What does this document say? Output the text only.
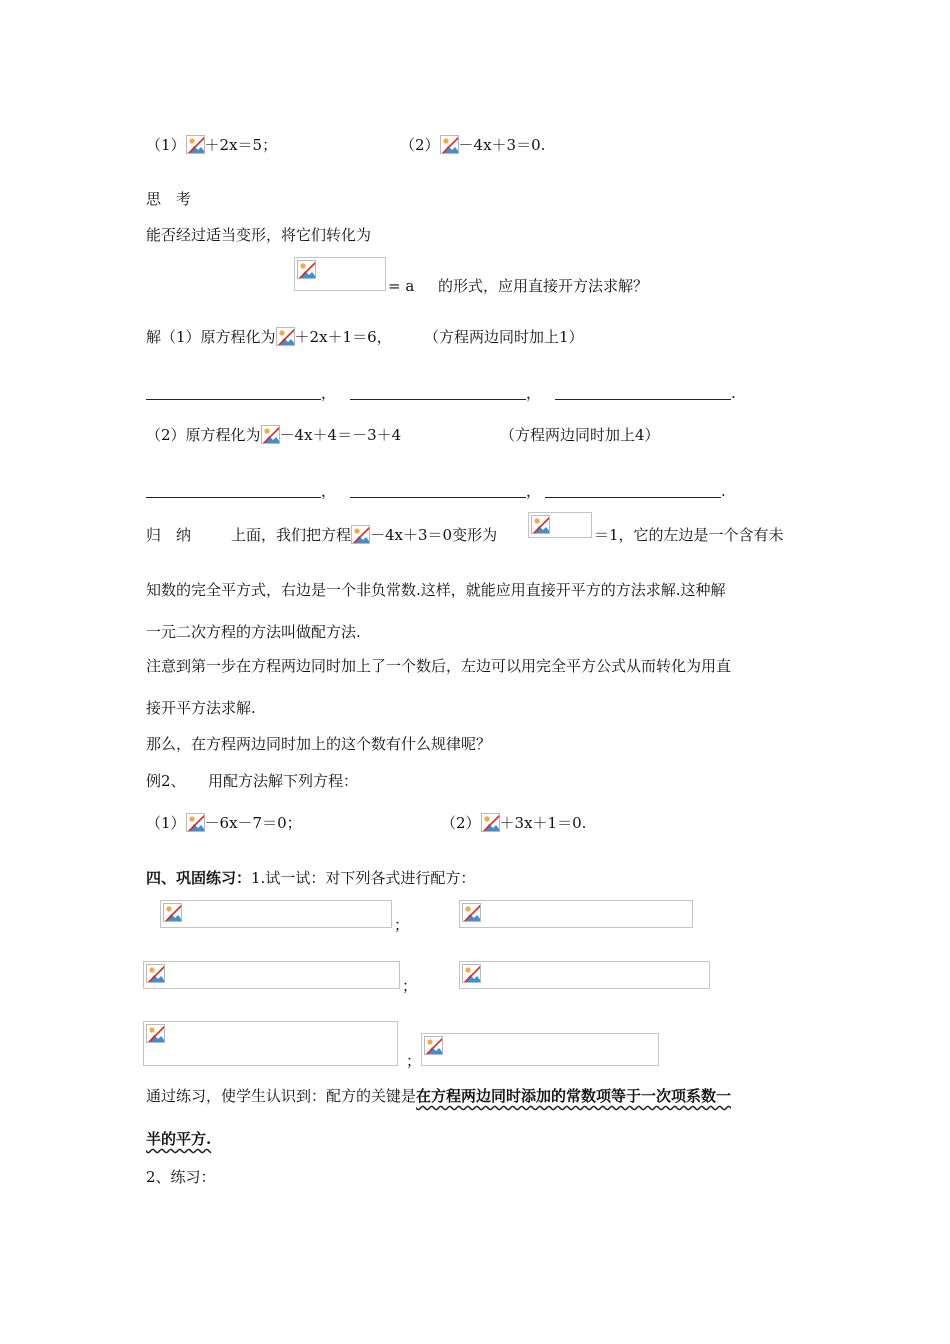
（1） ＋2x＝5；	（2） －4x＋3＝0.
思　考
能否经过适当变形，将它们转化为
= a 的形式，应用直接开方法求解？
解（1）原方程化为 ＋2x＋1＝6， （方程两边同时加上1）
，	，	.
（2）原方程化为 －4x＋4＝－3＋4	（方程两边同时加上4）
，	，	.
归　纳	上面，我们把方程 －4x＋3＝0变形为	＝1，它的左边是一个含有未
知数的完全平方式，右边是一个非负常数.这样，就能应用直接开平方的方法求解.这种解
一元二次方程的方法叫做配方法.
注意到第一步在方程两边同时加上了一个数后，左边可以用完全平方公式从而转化为用直
接开平方法求解.
那么，在方程两边同时加上的这个数有什么规律呢？
例2、　　用配方法解下列方程：
（1） －6x－7＝0；	（2） ＋3x＋1＝0.
四、巩固练习：1.试一试：对下列各式进行配方：
；
；
；
通过练习，使学生认识到：配方的关键是在方程两边同时添加的常数项等于一次项系数一
半的平方.
2、练习：
